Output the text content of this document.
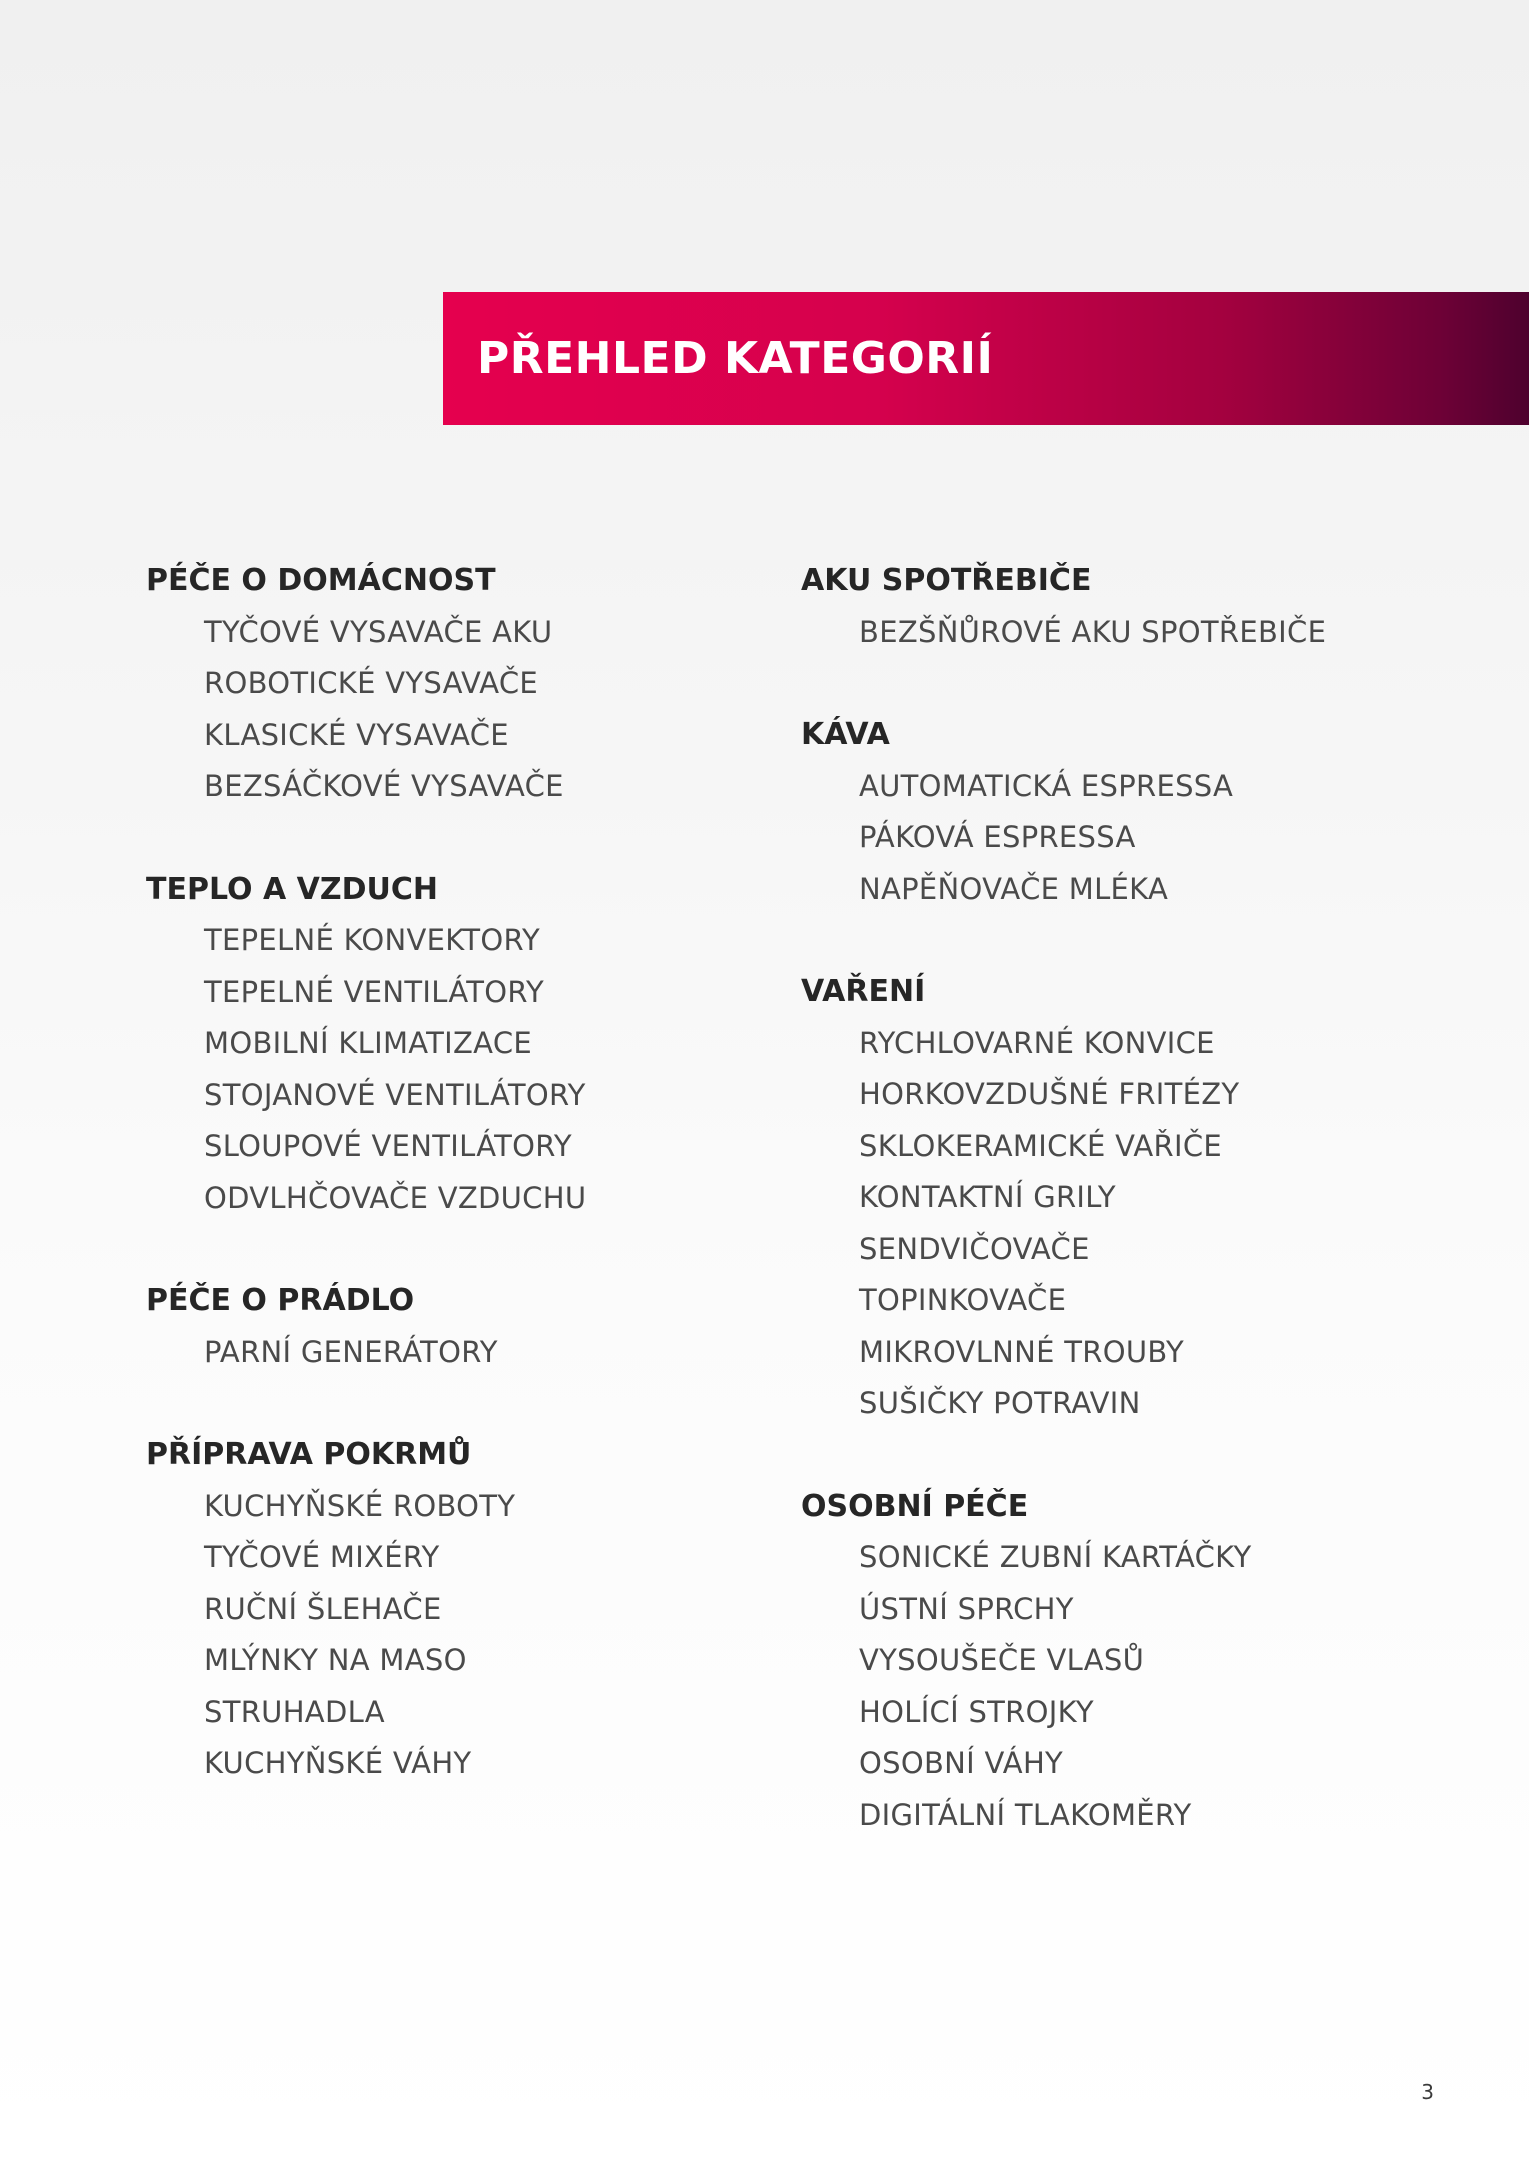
PŘEHLED KATEGORIÍ
PÉČE O DOMÁCNOST
TYČOVÉ VYSAVAČE AKU
ROBOTICKÉ VYSAVAČE
KLASICKÉ VYSAVAČE
BEZSÁČKOVÉ VYSAVAČE
TEPLO A VZDUCH
TEPELNÉ KONVEKTORY
TEPELNÉ VENTILÁTORY
MOBILNÍ KLIMATIZACE
STOJANOVÉ VENTILÁTORY
SLOUPOVÉ VENTILÁTORY
ODVLHČOVAČE VZDUCHU
PÉČE O PRÁDLO
PARNÍ GENERÁTORY
PŘÍPRAVA POKRMŮ
KUCHYŇSKÉ ROBOTY
TYČOVÉ MIXÉRY
RUČNÍ ŠLEHAČE
MLÝNKY NA MASO
STRUHADLA
KUCHYŇSKÉ VÁHY
AKU SPOTŘEBIČE
BEZŠŇŮROVÉ AKU SPOTŘEBIČE
KÁVA
AUTOMATICKÁ ESPRESSA
PÁKOVÁ ESPRESSA
NAPĚŇOVAČE MLÉKA
VAŘENÍ
RYCHLOVARNÉ KONVICE
HORKOVZDUŠNÉ FRITÉZY
SKLOKERAMICKÉ VAŘIČE
KONTAKTNÍ GRILY
SENDVIČOVAČE
TOPINKOVAČE
MIKROVLNNÉ TROUBY
SUŠIČKY POTRAVIN
OSOBNÍ PÉČE
SONICKÉ ZUBNÍ KARTÁČKY
ÚSTNÍ SPRCHY
VYSOUŠEČE VLASŮ
HOLÍCÍ STROJKY
OSOBNÍ VÁHY
DIGITÁLNÍ TLAKOMĚRY
3
